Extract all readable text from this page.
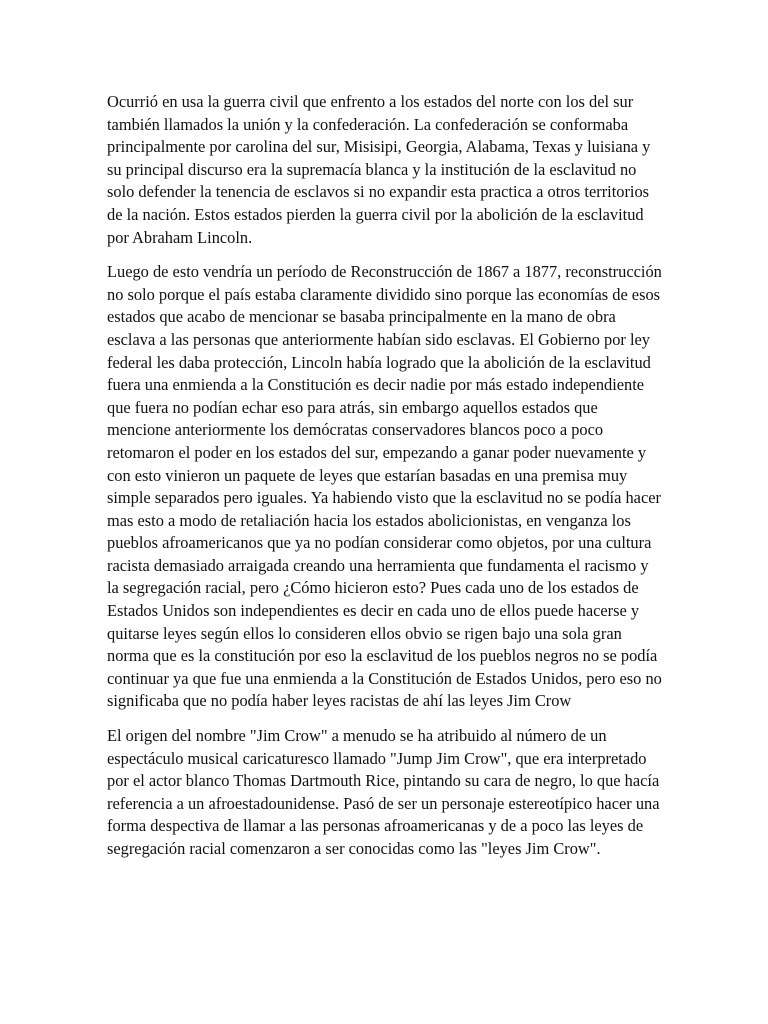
Ocurrió en usa la guerra civil que enfrento a los estados del norte con los del sur también llamados la unión y la confederación. La confederación se conformaba principalmente por carolina del sur, Misisipi, Georgia, Alabama, Texas y luisiana y su principal discurso era la supremacía blanca y la institución de la esclavitud no solo defender la tenencia de esclavos si no expandir esta practica a otros territorios de la nación. Estos estados pierden la guerra civil por la abolición de la esclavitud por Abraham Lincoln.

Luego de esto vendría un período de Reconstrucción de 1867 a 1877, reconstrucción no solo porque el país estaba claramente dividido sino porque las economías de esos estados que acabo de mencionar se basaba principalmente en la mano de obra esclava a las personas que anteriormente habían sido esclavas. El Gobierno por ley federal les daba protección, Lincoln había logrado que la abolición de la esclavitud fuera una enmienda a la Constitución es decir nadie por más estado independiente que fuera no podían echar eso para atrás, sin embargo aquellos estados que mencione anteriormente los demócratas conservadores blancos poco a poco retomaron el poder en los estados del sur, empezando a ganar poder nuevamente y con esto vinieron un paquete de leyes que estarían basadas en una premisa muy simple separados pero iguales. Ya habiendo visto que la esclavitud no se podía hacer mas esto a modo de retaliación hacia los estados abolicionistas, en venganza los pueblos afroamericanos que ya no podían considerar como objetos, por una cultura racista demasiado arraigada creando una herramienta que fundamenta el racismo y la segregación racial, pero ¿Cómo hicieron esto? Pues cada uno de los estados de Estados Unidos son independientes es decir en cada uno de ellos puede hacerse y quitarse leyes según ellos lo consideren ellos obvio se rigen bajo una sola gran norma que es la constitución por eso la esclavitud de los pueblos negros no se podía continuar ya que fue una enmienda a la Constitución de Estados Unidos, pero eso no significaba que no podía haber leyes racistas de ahí las leyes Jim Crow

El origen del nombre "Jim Crow" a menudo se ha atribuido al número de un espectáculo musical caricaturesco llamado "Jump Jim Crow", que era interpretado por el actor blanco Thomas Dartmouth Rice, pintando su cara de negro, lo que hacía referencia a un afroestadounidense. Pasó de ser un personaje estereotípico hacer una forma despectiva de llamar a las personas afroamericanas y de a poco las leyes de segregación racial comenzaron a ser conocidas como las "leyes Jim Crow".
